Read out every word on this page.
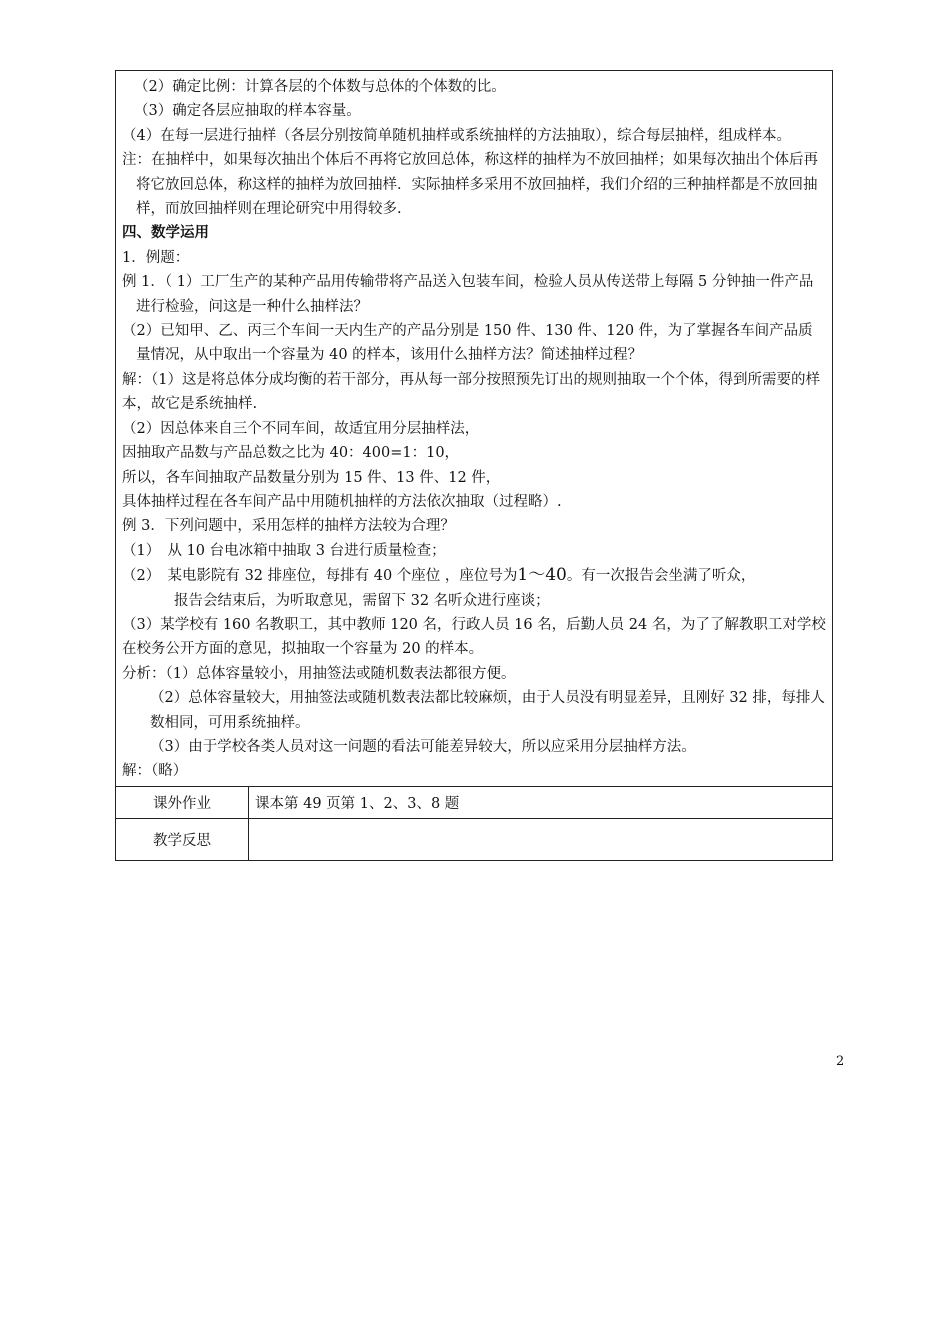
（2）确定比例：计算各层的个体数与总体的个体数的比。
（3）确定各层应抽取的样本容量。
（4）在每一层进行抽样（各层分别按简单随机抽样或系统抽样的方法抽取），综合每层抽样，组成样本。
注：在抽样中，如果每次抽出个体后不再将它放回总体，称这样的抽样为不放回抽样；如果每次抽出个体后再将它放回总体，称这样的抽样为放回抽样．实际抽样多采用不放回抽样，我们介绍的三种抽样都是不放回抽样，而放回抽样则在理论研究中用得较多.
四、数学运用
1．例题：
例 1．（ 1）工厂生产的某种产品用传输带将产品送入包装车间，检验人员从传送带上每隔 5 分钟抽一件产品进行检验，问这是一种什么抽样法？
（2）已知甲、乙、丙三个车间一天内生产的产品分别是 150 件、130 件、120 件，为了掌握各车间产品质量情况，从中取出一个容量为 40 的样本，该用什么抽样方法？简述抽样过程？
解：（1）这是将总体分成均衡的若干部分，再从每一部分按照预先订出的规则抽取一个个体，得到所需要的样本，故它是系统抽样.
（2）因总体来自三个不同车间，故适宜用分层抽样法，
因抽取产品数与产品总数之比为 40：400=1：10，
所以，各车间抽取产品数量分别为 15 件、13 件、12 件，
具体抽样过程在各车间产品中用随机抽样的方法依次抽取（过程略）.
例 3．下列问题中，采用怎样的抽样方法较为合理？
（1）　从 10 台电冰箱中抽取 3 台进行质量检查；
（2）　某电影院有 32 排座位，每排有 40 个座位 ，座位号为1～40。有一次报告会坐满了听众，
报告会结束后，为听取意见，需留下 32 名听众进行座谈；
（3）某学校有 160 名教职工，其中教师 120 名，行政人员 16 名，后勤人员 24 名，为了了解教职工对学校在校务公开方面的意见，拟抽取一个容量为 20 的样本。
分析：（1）总体容量较小，用抽签法或随机数表法都很方便。
（2）总体容量较大，用抽签法或随机数表法都比较麻烦，由于人员没有明显差异，且刚好 32 排，每排人数相同，可用系统抽样。
（3）由于学校各类人员对这一问题的看法可能差异较大，所以应采用分层抽样方法。
解：（略）
课外作业	课本第 49 页第 1、2、3、8 题
教学反思	
2
